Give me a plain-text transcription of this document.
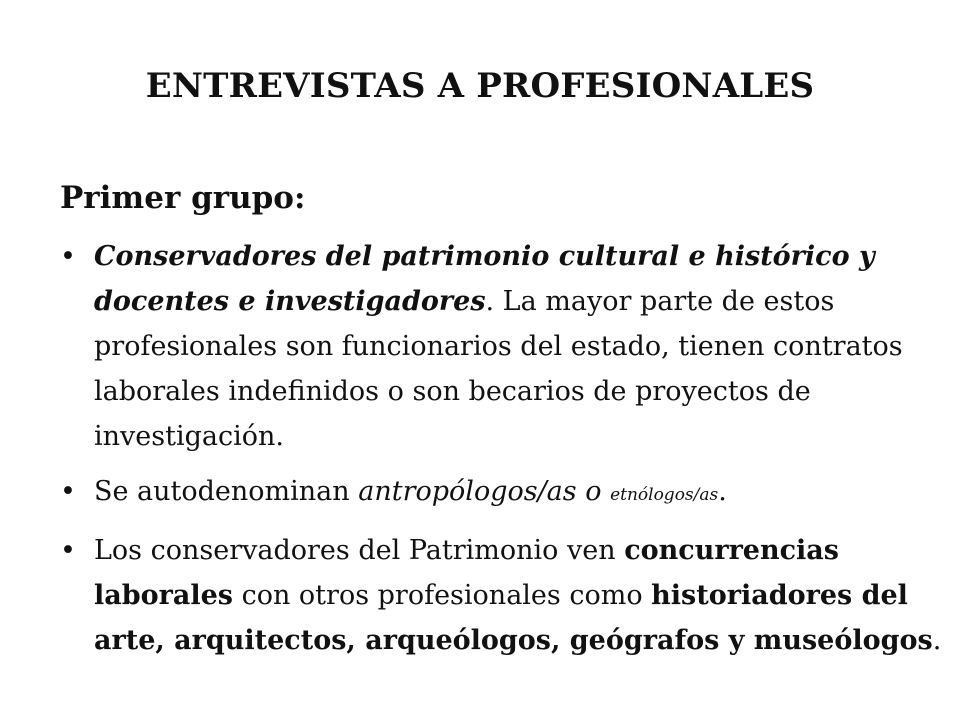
ENTREVISTAS A PROFESIONALES
Primer grupo:
• Conservadores del patrimonio cultural e histórico y docentes e investigadores. La mayor parte de estos profesionales son funcionarios del estado, tienen contratos laborales indefinidos o son becarios de proyectos de investigación.
• Se autodenominan antropólogos/as o etnólogos/as.
• Los conservadores del Patrimonio ven concurrencias laborales con otros profesionales como historiadores del arte, arquitectos, arqueólogos, geógrafos y museólogos.
